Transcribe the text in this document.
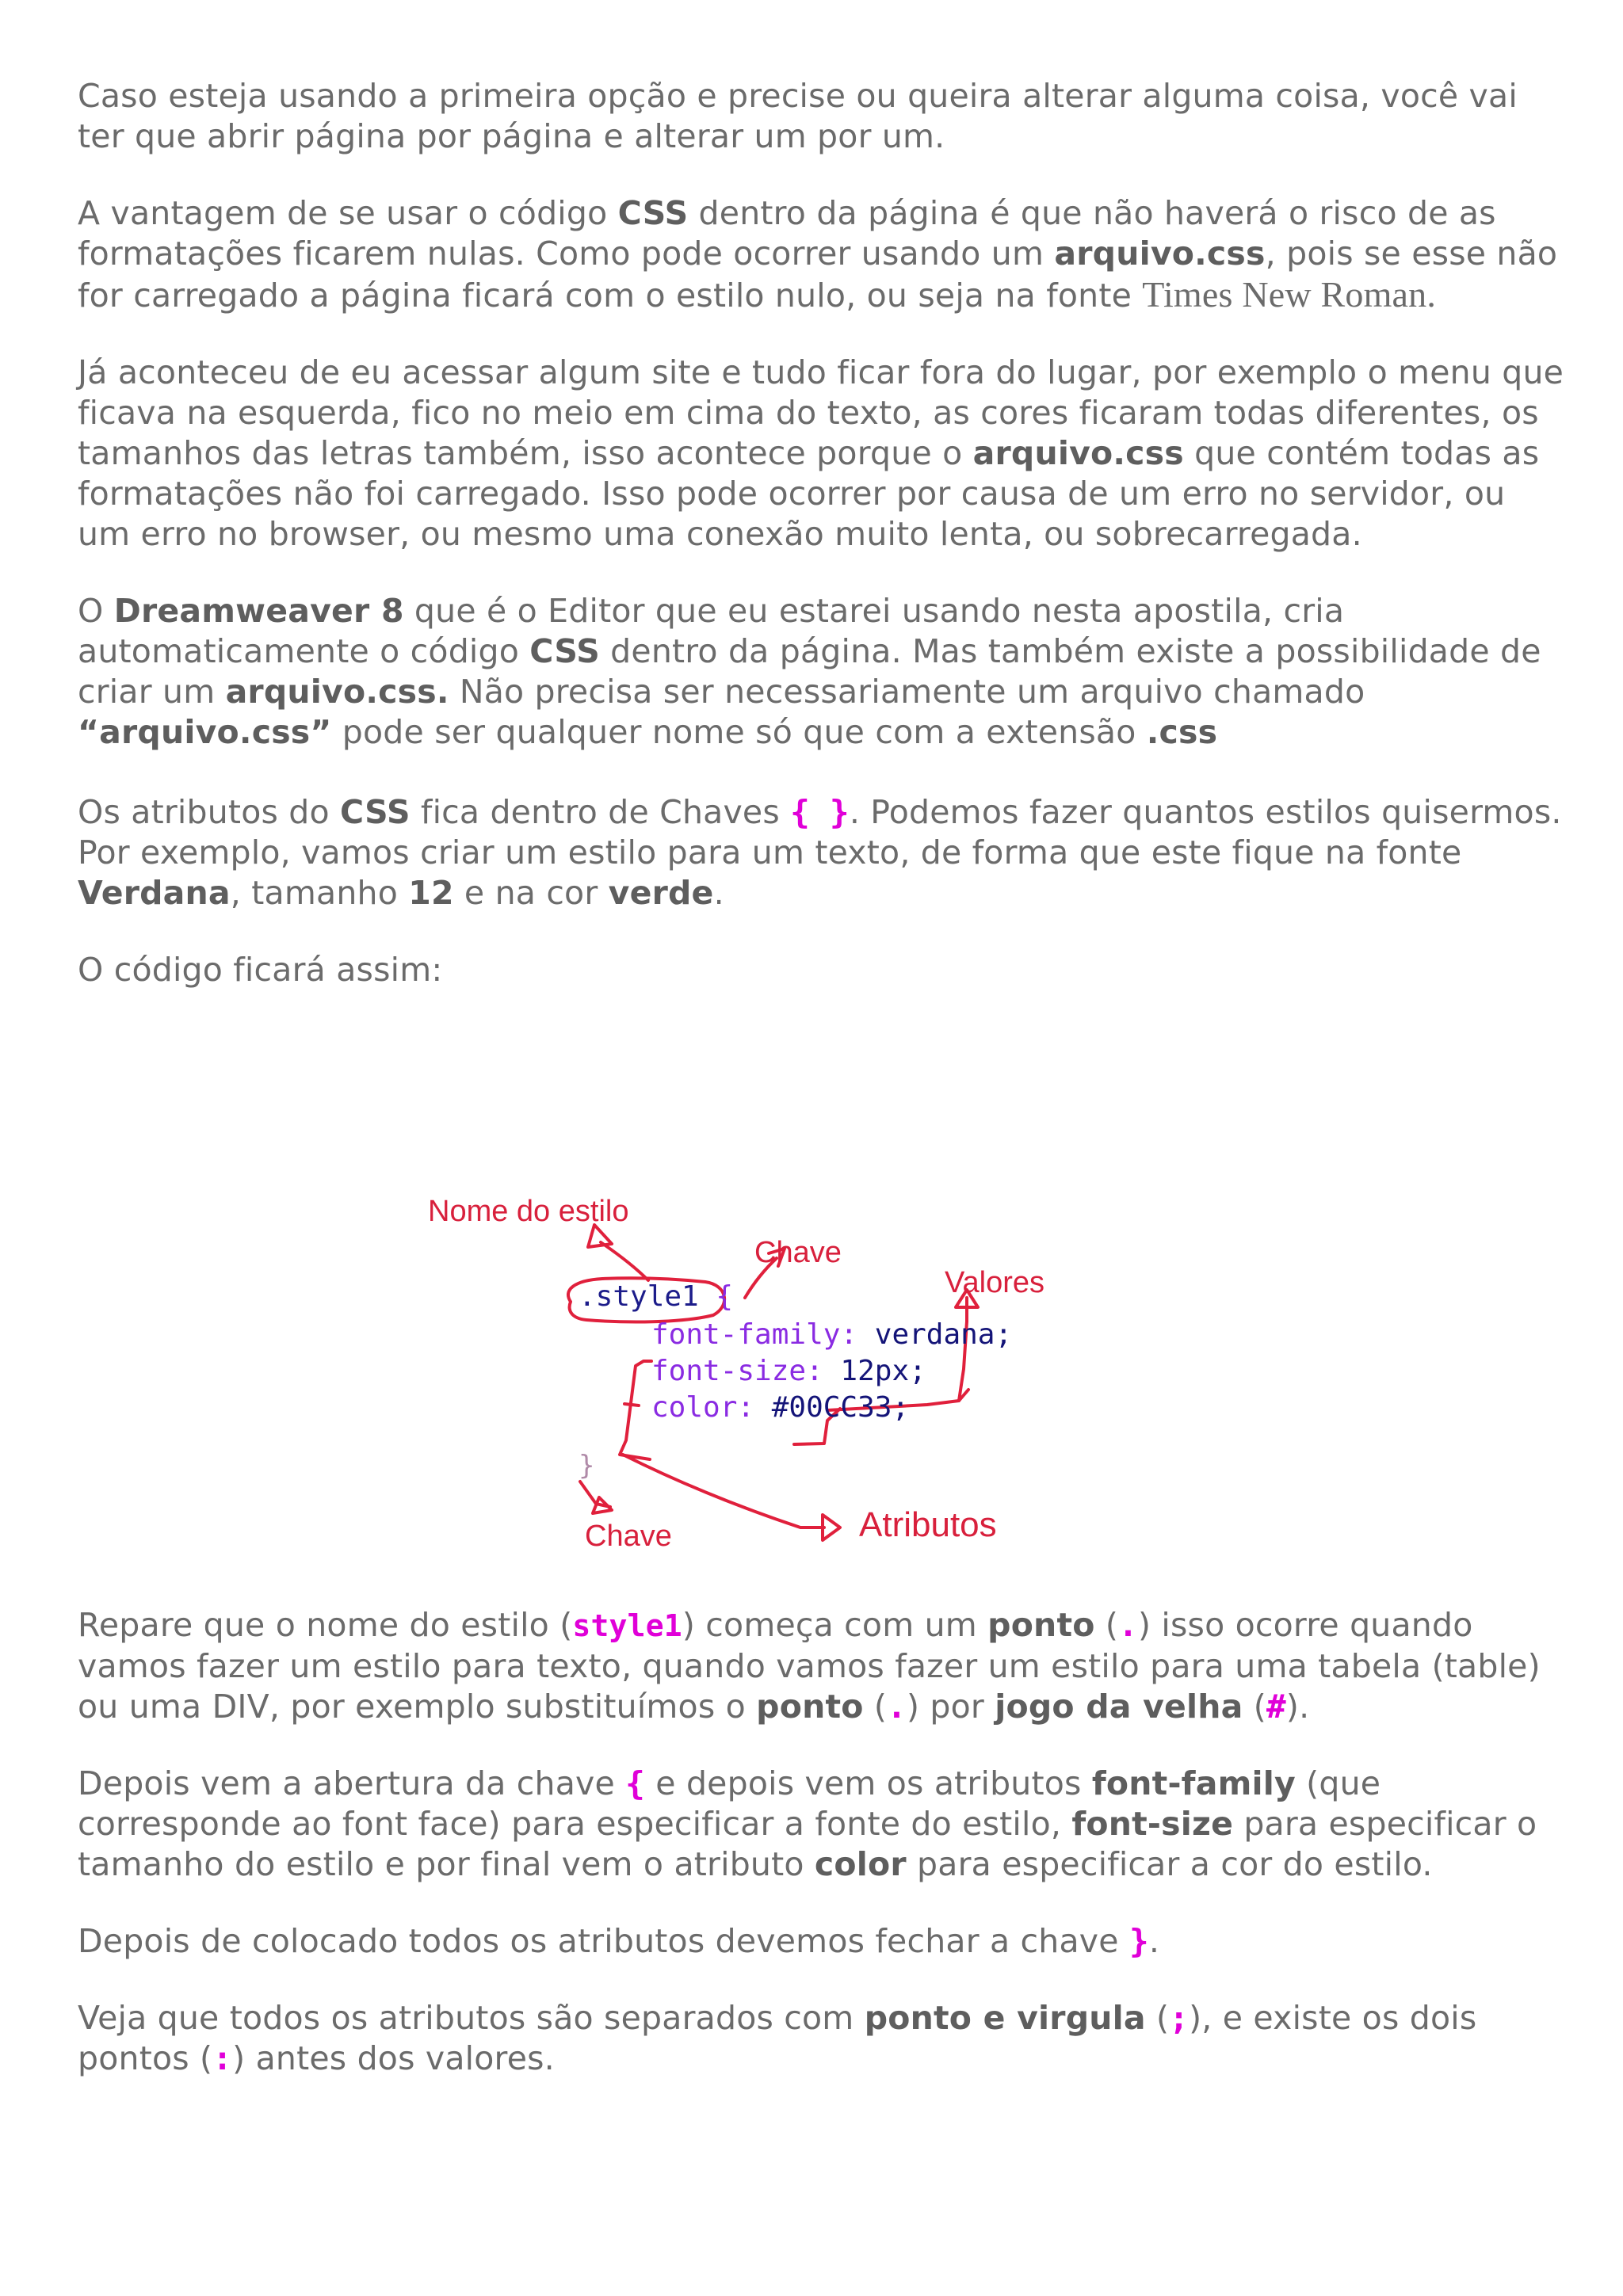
Caso esteja usando a primeira opção e precise ou queira alterar alguma coisa, você vai ter que abrir página por página e alterar um por um.

A vantagem de se usar o código CSS dentro da página é que não haverá o risco de as formatações ficarem nulas. Como pode ocorrer usando um arquivo.css, pois se esse não for carregado a página ficará com o estilo nulo, ou seja na fonte Times New Roman.

Já aconteceu de eu acessar algum site e tudo ficar fora do lugar, por exemplo o menu que ficava na esquerda, fico no meio em cima do texto, as cores ficaram todas diferentes, os tamanhos das letras também, isso acontece porque o arquivo.css que contém todas as formatações não foi carregado. Isso pode ocorrer por causa de um erro no servidor, ou um erro no browser, ou mesmo uma conexão muito lenta, ou sobrecarregada.

O Dreamweaver 8 que é o Editor que eu estarei usando nesta apostila, cria automaticamente o código CSS dentro da página. Mas também existe a possibilidade de criar um arquivo.css. Não precisa ser necessariamente um arquivo chamado “arquivo.css” pode ser qualquer nome só que com a extensão .css

Os atributos do CSS fica dentro de Chaves { }. Podemos fazer quantos estilos quisermos.

Por exemplo, vamos criar um estilo para um texto, de forma que este fique na fonte Verdana, tamanho 12 e na cor verde.

O código ficará assim:

Nome do estilo
Chave
Valores
Atributos
Chave
.style1 {
font-family: verdana;
font-size: 12px;
color: #00CC33;
}

Repare que o nome do estilo (style1) começa com um ponto (.) isso ocorre quando vamos fazer um estilo para texto, quando vamos fazer um estilo para uma tabela (table) ou uma DIV, por exemplo substituímos o ponto (.) por jogo da velha (#).

Depois vem a abertura da chave { e depois vem os atributos font-family (que corresponde ao font face) para especificar a fonte do estilo, font-size para especificar o tamanho do estilo e por final vem o atributo color para especificar a cor do estilo.

Depois de colocado todos os atributos devemos fechar a chave }.

Veja que todos os atributos são separados com ponto e virgula (;), e existe os dois pontos (:) antes dos valores.
